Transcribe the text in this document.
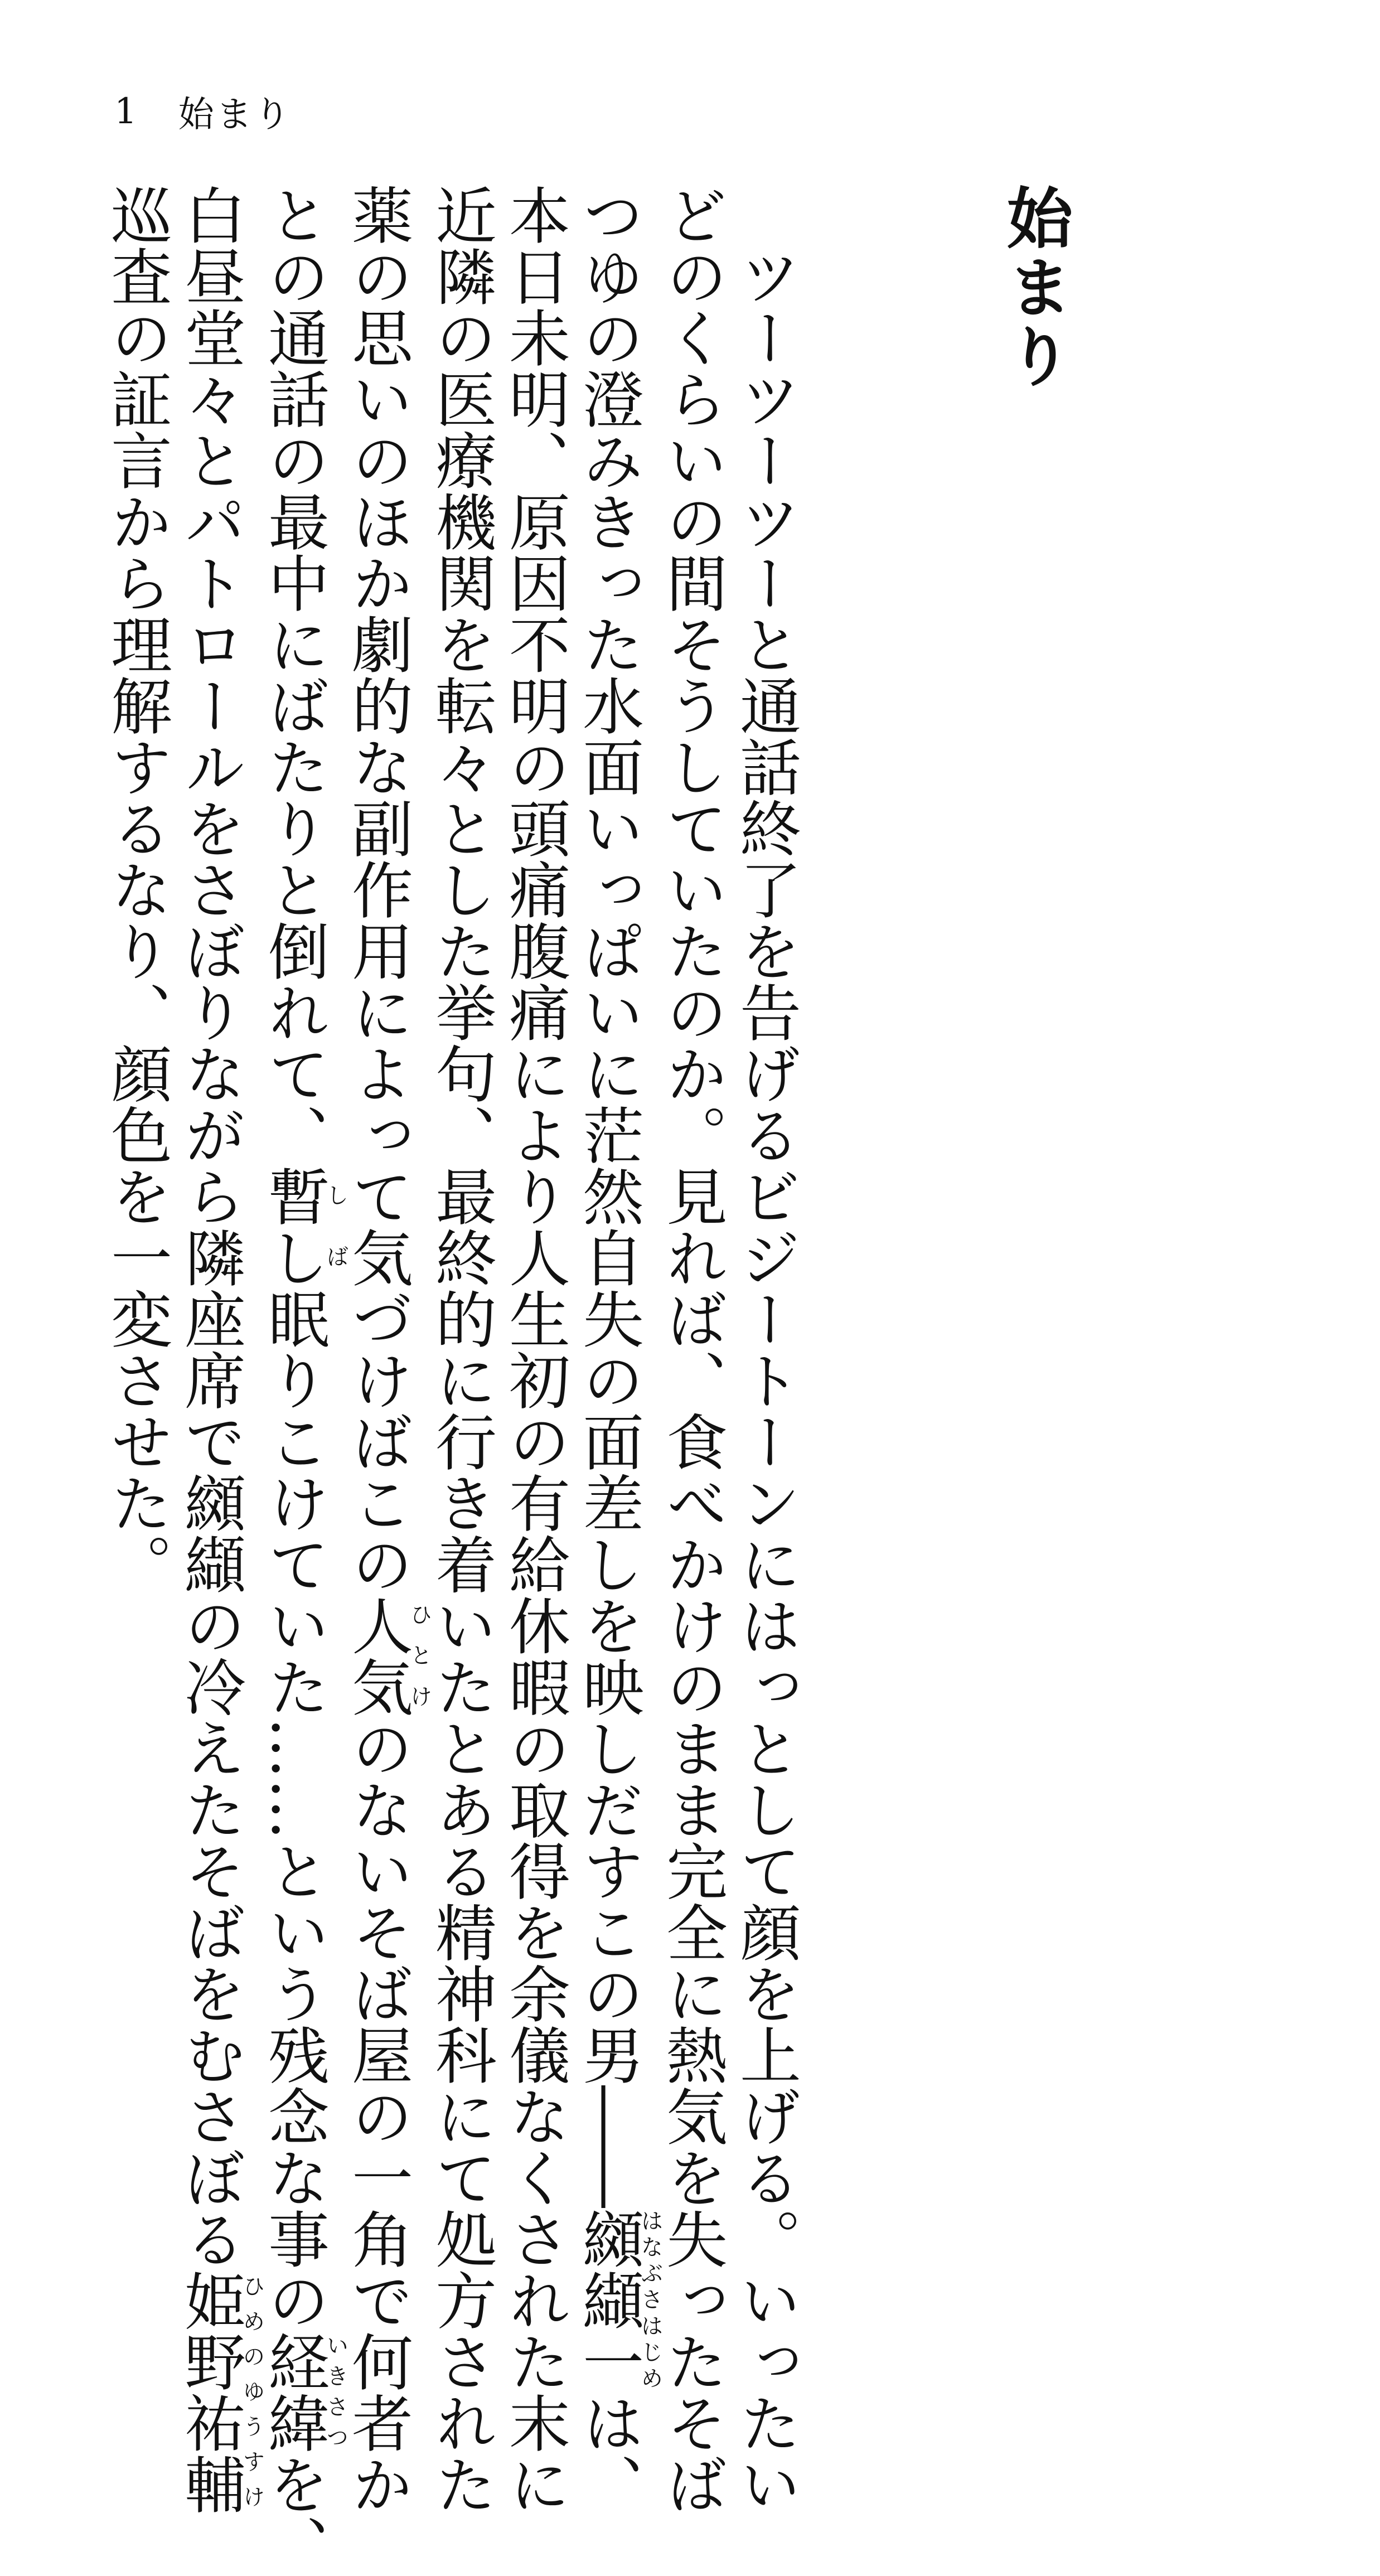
1 始まり

始まり

　ツーツーツーと通話終了を告げるビジートーンにはっとして顔を上げる。いったい
どのくらいの間そうしていたのか。見れば、食べかけのまま完全に熱気を失ったそば
つゆの澄みきった水面いっぱいに茫然自失の面差しを映しだすこの男――纐纈一はなぶさはじめは、
本日未明、原因不明の頭痛腹痛により人生初の有給休暇の取得を余儀なくされた末に
近隣の医療機関を転々とした挙句、最終的に行き着いたとある精神科にて処方された
薬の思いのほか劇的な副作用によって気づけばこの人気ひとけのないそば屋の一角で何者か
との通話の最中にばたりと倒れて、暫ししば眠りこけていた……という残念な事の経緯いきさつを、
白昼堂々とパトロールをさぼりながら隣座席で纐纈の冷えたそばをむさぼる姫野祐輔ひめのゆうすけ
巡査の証言から理解するなり、顔色を一変させた。
